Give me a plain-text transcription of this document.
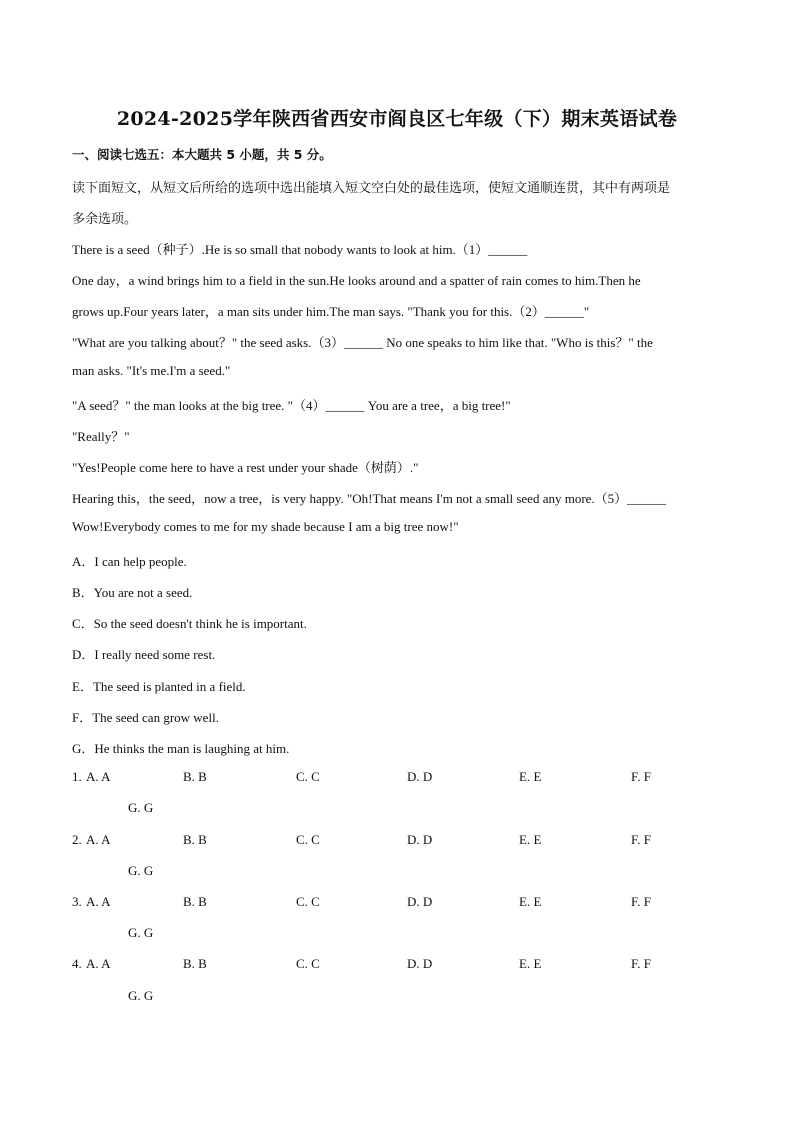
2024-2025学年陕西省西安市阎良区七年级（下）期末英语试卷
一、阅读七选五：本大题共 5 小题，共 5 分。
读下面短文，从短文后所给的选项中选出能填入短文空白处的最佳选项，使短文通顺连贯，其中有两项是
多余选项。
There is a seed（种子）.He is so small that nobody wants to look at him.（1）______
One day，a wind brings him to a field in the sun.He looks around and a spatter of rain comes to him.Then he
grows up.Four years later，a man sits under him.The man says. "Thank you for this.（2）______"
"What are you talking about？" the seed asks.（3）______ No one speaks to him like that. "Who is this？" the
man asks. "It's me.I'm a seed."
"A seed？" the man looks at the big tree. "（4）______ You are a tree，a big tree!"
"Really？"
"Yes!People come here to have a rest under your shade（树荫）."
Hearing this，the seed，now a tree，is very happy. "Oh!That means I'm not a small seed any more.（5）______
Wow!Everybody comes to me for my shade because I am a big tree now!"
A．I can help people.
B．You are not a seed.
C．So the seed doesn't think he is important.
D．I really need some rest.
E．The seed is planted in a field.
F．The seed can grow well.
G．He thinks the man is laughing at him.
1. A. A	B. B	C. C	D. D	E. E	F. F
G. G
2. A. A	B. B	C. C	D. D	E. E	F. F
G. G
3. A. A	B. B	C. C	D. D	E. E	F. F
G. G
4. A. A	B. B	C. C	D. D	E. E	F. F
G. G
